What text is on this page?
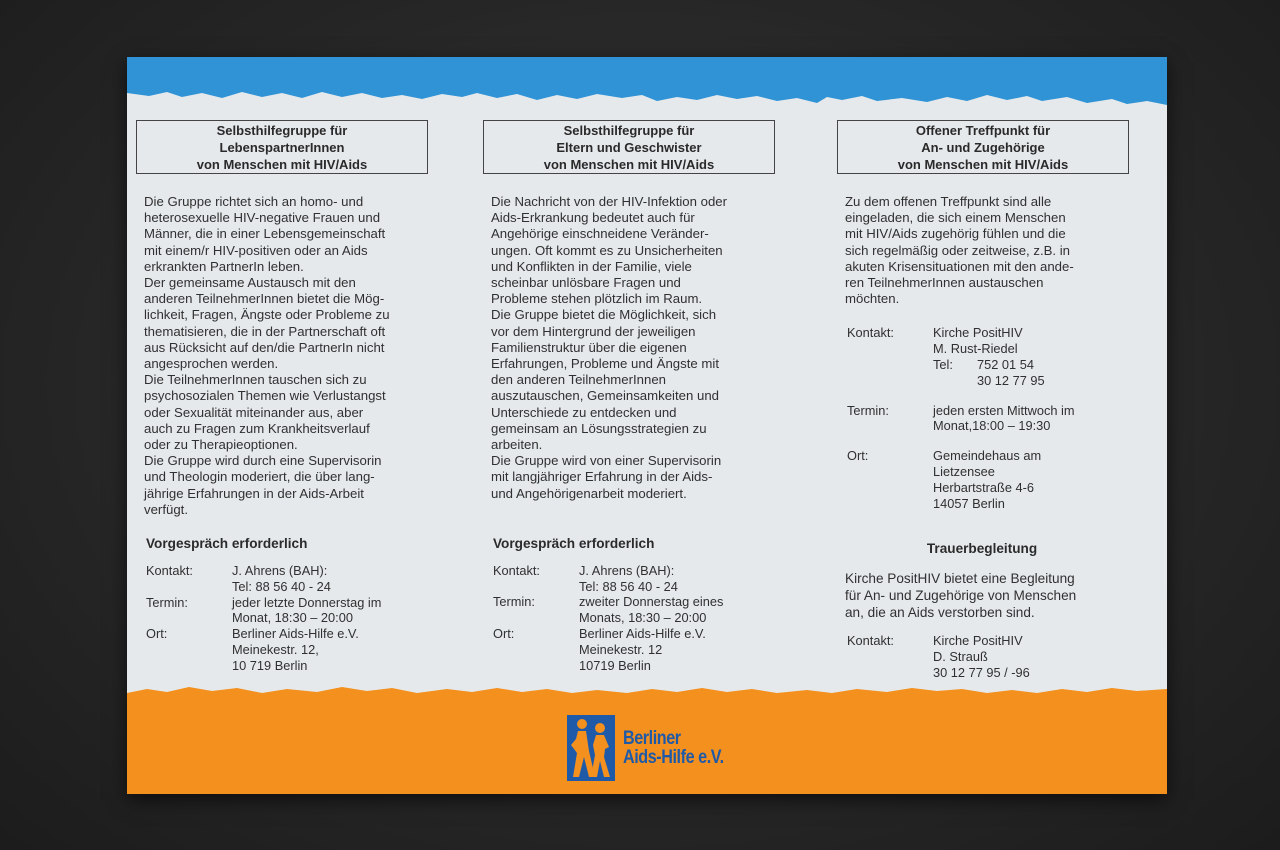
Selbsthilfegruppe für
LebenspartnerInnen
von Menschen mit HIV/Aids

Die Gruppe richtet sich an homo- und

heterosexuelle HIV-negative Frauen und

Männer, die in einer Lebensgemeinschaft

mit einem/r HIV-positiven oder an Aids

erkrankten PartnerIn leben.

Der gemeinsame Austausch mit den

anderen TeilnehmerInnen bietet die Mög-

lichkeit, Fragen, Ängste oder Probleme zu

thematisieren, die in der Partnerschaft oft

aus Rücksicht auf den/die PartnerIn nicht

angesprochen werden.

Die TeilnehmerInnen tauschen sich zu

psychosozialen Themen wie Verlustangst

oder Sexualität miteinander aus, aber

auch zu Fragen zum Krankheitsverlauf

oder zu Therapieoptionen.

Die Gruppe wird durch eine Supervisorin

und Theologin moderiert, die über lang-

jährige Erfahrungen in der Aids-Arbeit

verfügt.

Vorgespräch erforderlich
Kontakt:	J. Ahrens (BAH):
Tel: 88 56 40 - 24
Termin:	jeder letzte Donnerstag im
Monat, 18:30 – 20:00
Ort:	Berliner Aids-Hilfe e.V.
Meinekestr. 12,
10 719 Berlin
Selbsthilfegruppe für
Eltern und Geschwister
von Menschen mit HIV/Aids

Die Nachricht von der HIV-Infektion oder

Aids-Erkrankung bedeutet auch für

Angehörige einschneidene Veränder-

ungen. Oft kommt es zu Unsicherheiten

und Konflikten in der Familie, viele

scheinbar unlösbare Fragen und

Probleme stehen plötzlich im Raum.

Die Gruppe bietet die Möglichkeit, sich

vor dem Hintergrund der jeweiligen

Familienstruktur über die eigenen

Erfahrungen, Probleme und Ängste mit

den anderen TeilnehmerInnen

auszutauschen, Gemeinsamkeiten und

Unterschiede zu entdecken und

gemeinsam an Lösungsstrategien zu

arbeiten.

Die Gruppe wird von einer Supervisorin

mit langjähriger Erfahrung in der Aids-

und Angehörigenarbeit moderiert.

Vorgespräch erforderlich
Kontakt:	J. Ahrens (BAH):
Tel: 88 56 40 - 24
Termin:	zweiter Donnerstag eines
Monats, 18:30 – 20:00
Ort:	Berliner Aids-Hilfe e.V.
Meinekestr. 12
10719 Berlin
Offener Treffpunkt für
An- und Zugehörige
von Menschen mit HIV/Aids

Zu dem offenen Treffpunkt sind alle

eingeladen, die sich einem Menschen

mit HIV/Aids zugehörig fühlen und die

sich regelmäßig oder zeitweise, z.B. in

akuten Krisensituationen mit den ande-

ren TeilnehmerInnen austauschen

möchten.

Kontakt:	Kirche PositHIV
M. Rust-Riedel
Tel:	752 01 54
30 12 77 95
Termin:	jeden ersten Mittwoch im
Monat,18:00 – 19:30
Ort:	Gemeindehaus am
Lietzensee
Herbartstraße 4-6
14057 Berlin
Trauerbegleitung

Kirche PositHIV bietet eine Begleitung

für An- und Zugehörige von Menschen

an, die an Aids verstorben sind.

Kontakt:	Kirche PositHIV
D. Strauß
30 12 77 95 / -96
Berliner
Aids-Hilfe e.V.
